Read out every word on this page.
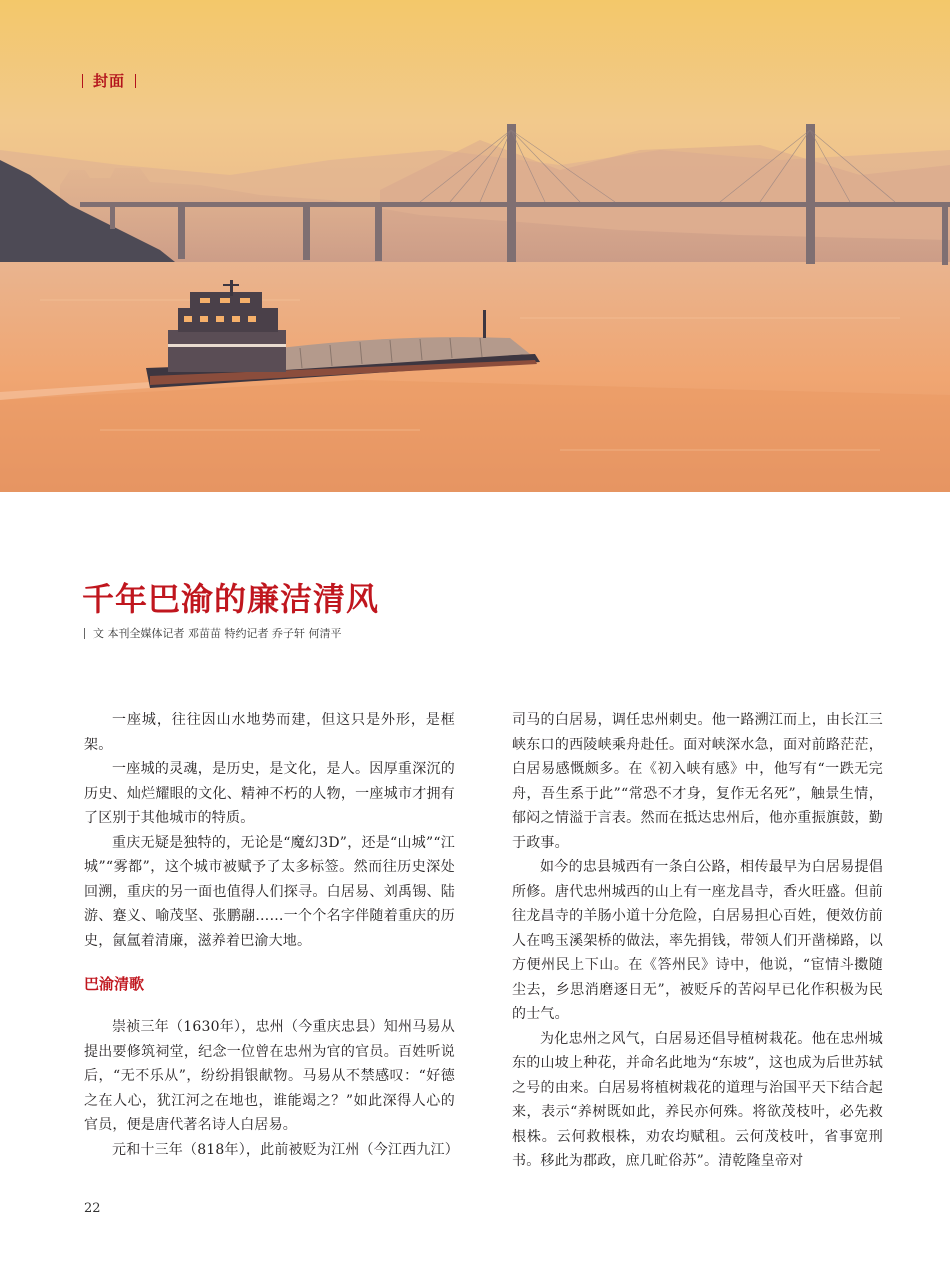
封面
千年巴渝的廉洁清风
文 本刊全媒体记者 邓苗苗 特约记者 乔子轩 何清平

一座城，往往因山水地势而建，但这只是外形，是框架。

一座城的灵魂，是历史，是文化，是人。因厚重深沉的历史、灿烂耀眼的文化、精神不朽的人物，一座城市才拥有了区别于其他城市的特质。

重庆无疑是独特的，无论是“魔幻3D”，还是“山城”“江城”“雾都”，这个城市被赋予了太多标签。然而往历史深处回溯，重庆的另一面也值得人们探寻。白居易、刘禹锡、陆游、蹇义、喻茂坚、张鹏翮……一个个名字伴随着重庆的历史，氤氲着清廉，滋养着巴渝大地。

巴渝清歌

崇祯三年（1630年），忠州（今重庆忠县）知州马易从提出要修筑祠堂，纪念一位曾在忠州为官的官员。百姓听说后，“无不乐从”，纷纷捐银献物。马易从不禁感叹：“好德之在人心，犹江河之在地也，谁能竭之？”如此深得人心的官员，便是唐代著名诗人白居易。

元和十三年（818年），此前被贬为江州（今江西九江）

司马的白居易，调任忠州刺史。他一路溯江而上，由长江三峡东口的西陵峡乘舟赴任。面对峡深水急，面对前路茫茫，白居易感慨颇多。在《初入峡有感》中，他写有“一跌无完舟，吾生系于此”“常恐不才身，复作无名死”，触景生情，郁闷之情溢于言表。然而在抵达忠州后，他亦重振旗鼓，勤于政事。

如今的忠县城西有一条白公路，相传最早为白居易提倡所修。唐代忠州城西的山上有一座龙昌寺，香火旺盛。但前往龙昌寺的羊肠小道十分危险，白居易担心百姓，便效仿前人在鸣玉溪架桥的做法，率先捐钱，带领人们开凿梯路，以方便州民上下山。在《答州民》诗中，他说，“宦情斗擞随尘去，乡思消磨逐日无”，被贬斥的苦闷早已化作积极为民的士气。

为化忠州之风气，白居易还倡导植树栽花。他在忠州城东的山坡上种花，并命名此地为“东坡”，这也成为后世苏轼之号的由来。白居易将植树栽花的道理与治国平天下结合起来，表示“养树既如此，养民亦何殊。将欲茂枝叶，必先救根株。云何救根株，劝农均赋租。云何茂枝叶，省事宽刑书。移此为郡政，庶几甿俗苏”。清乾隆皇帝对

22
